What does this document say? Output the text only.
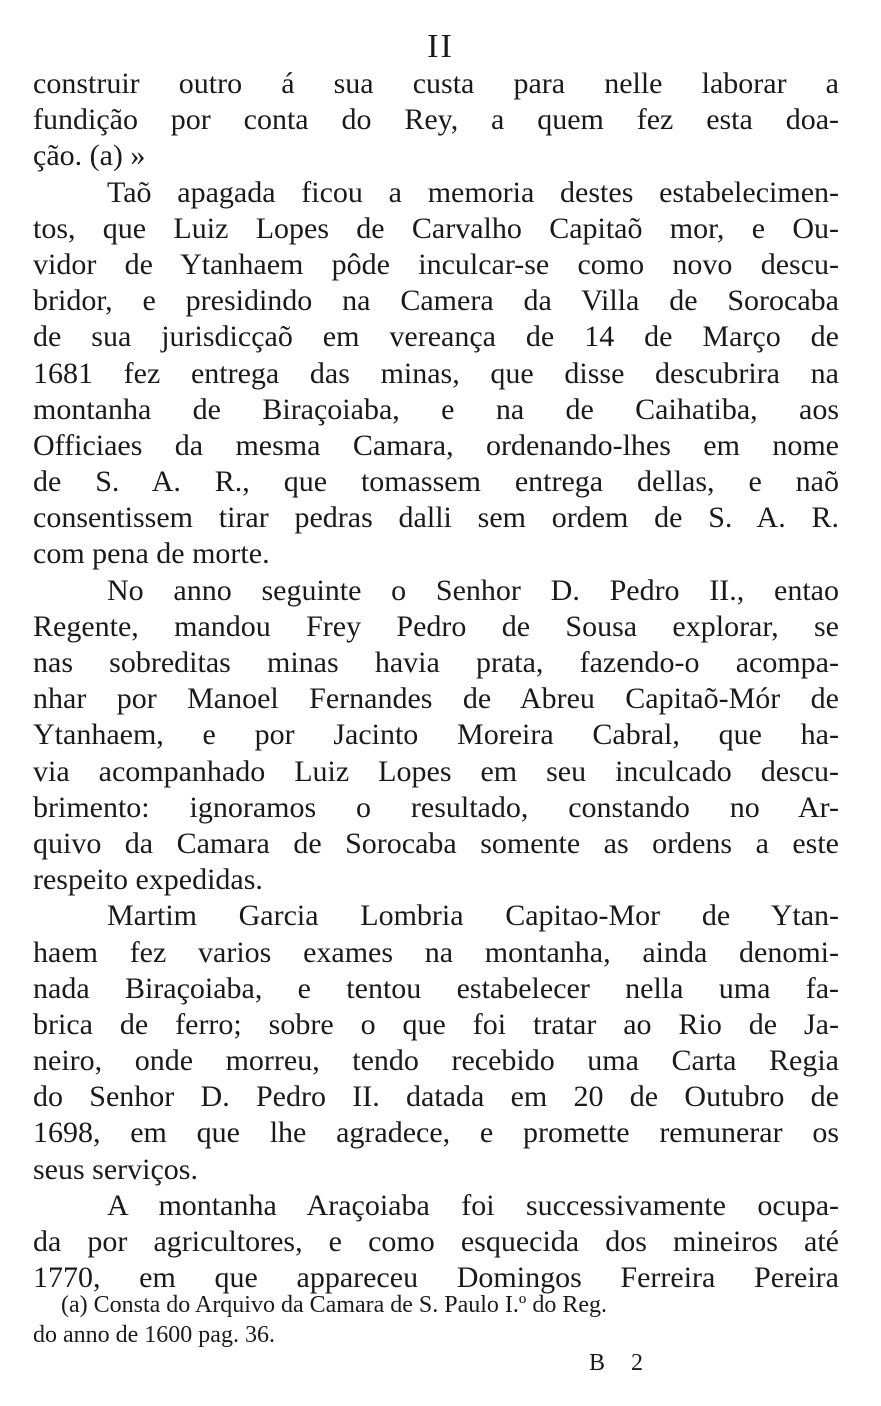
II
construir outro á sua custa para nelle laborar a
fundição por conta do Rey, a quem fez esta doa-
ção. (a) »
Taõ apagada ficou a memoria destes estabelecimen-
tos, que Luiz Lopes de Carvalho Capitaõ mor, e Ou-
vidor de Ytanhaem pôde inculcar-se como novo descu-
bridor, e presidindo na Camera da Villa de Sorocaba
de sua jurisdicçaõ em vereança de 14 de Março de
1681 fez entrega das minas, que disse descubrira na
montanha de Biraçoiaba, e na de Caihatiba, aos
Officiaes da mesma Camara, ordenando-lhes em nome
de S. A. R., que tomassem entrega dellas, e naõ
consentissem tirar pedras dalli sem ordem de S. A. R.
com pena de morte.
No anno seguinte o Senhor D. Pedro II., entao
Regente, mandou Frey Pedro de Sousa explorar, se
nas sobreditas minas havia prata, fazendo-o acompa-
nhar por Manoel Fernandes de Abreu Capitaõ-Mór de
Ytanhaem, e por Jacinto Moreira Cabral, que ha-
via acompanhado Luiz Lopes em seu inculcado descu-
brimento: ignoramos o resultado, constando no Ar-
quivo da Camara de Sorocaba somente as ordens a este
respeito expedidas.
Martim Garcia Lombria Capitao-Mor de Ytan-
haem fez varios exames na montanha, ainda denomi-
nada Biraçoiaba, e tentou estabelecer nella uma fa-
brica de ferro; sobre o que foi tratar ao Rio de Ja-
neiro, onde morreu, tendo recebido uma Carta Regia
do Senhor D. Pedro II. datada em 20 de Outubro de
1698, em que lhe agradece, e promette remunerar os
seus serviços.
A montanha Araçoiaba foi successivamente ocupa-
da por agricultores, e como esquecida dos mineiros até
1770, em que appareceu Domingos Ferreira Pereira
(a) Consta do Arquivo da Camara de S. Paulo I.º do Reg.
do anno de 1600 pag. 36.
B 2
